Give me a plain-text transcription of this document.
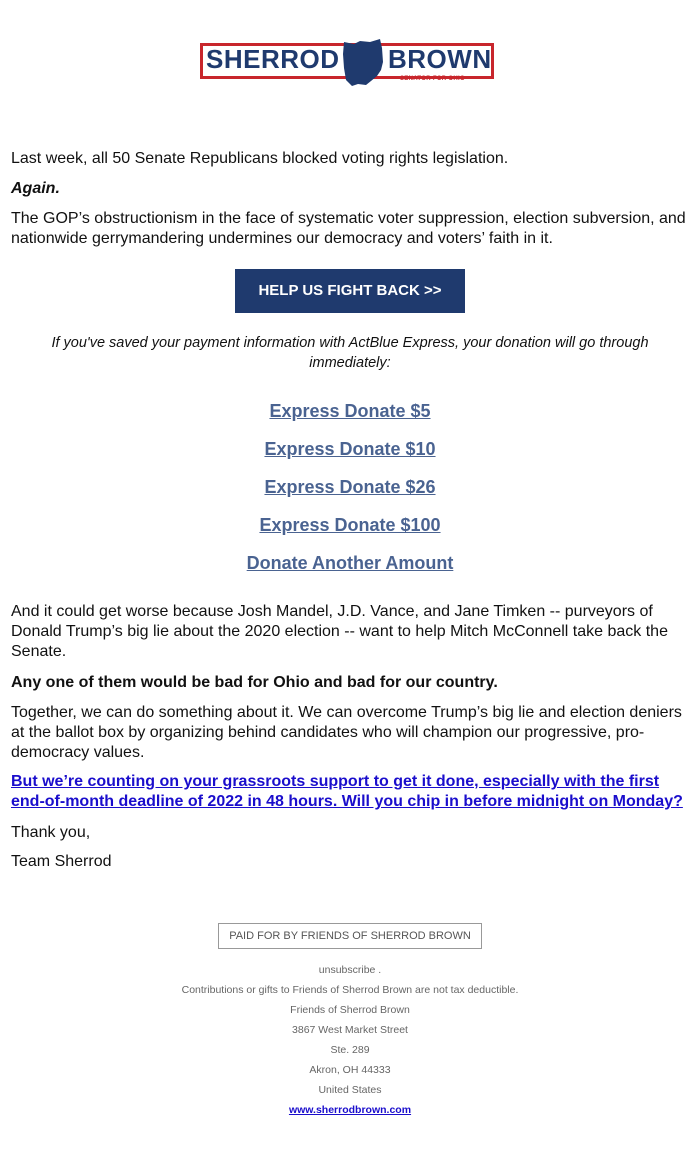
SHERROD BROWN
SENATOR FOR OHIO

Last week, all 50 Senate Republicans blocked voting rights legislation.

Again.

The GOP’s obstructionism in the face of systematic voter suppression, election subversion, and nationwide gerrymandering undermines our democracy and voters’ faith in it.

HELP US FIGHT BACK >>
If you've saved your payment information with ActBlue Express, your donation will go through immediately:
Express Donate $5
Express Donate $10
Express Donate $26
Express Donate $100
Donate Another Amount

And it could get worse because Josh Mandel, J.D. Vance, and Jane Timken -- purveyors of Donald Trump’s big lie about the 2020 election -- want to help Mitch McConnell take back the Senate.

Any one of them would be bad for Ohio and bad for our country.

Together, we can do something about it. We can overcome Trump’s big lie and election deniers at the ballot box by organizing behind candidates who will champion our progressive, pro-democracy values.

But we’re counting on your grassroots support to get it done, especially with the first end-of-month deadline of 2022 in 48 hours. Will you chip in before midnight on Monday?

Thank you,

Team Sherrod

PAID FOR BY FRIENDS OF SHERROD BROWN
unsubscribe .
Contributions or gifts to Friends of Sherrod Brown are not tax deductible.
Friends of Sherrod Brown
3867 West Market Street
Ste. 289
Akron, OH 44333
United States
www.sherrodbrown.com
